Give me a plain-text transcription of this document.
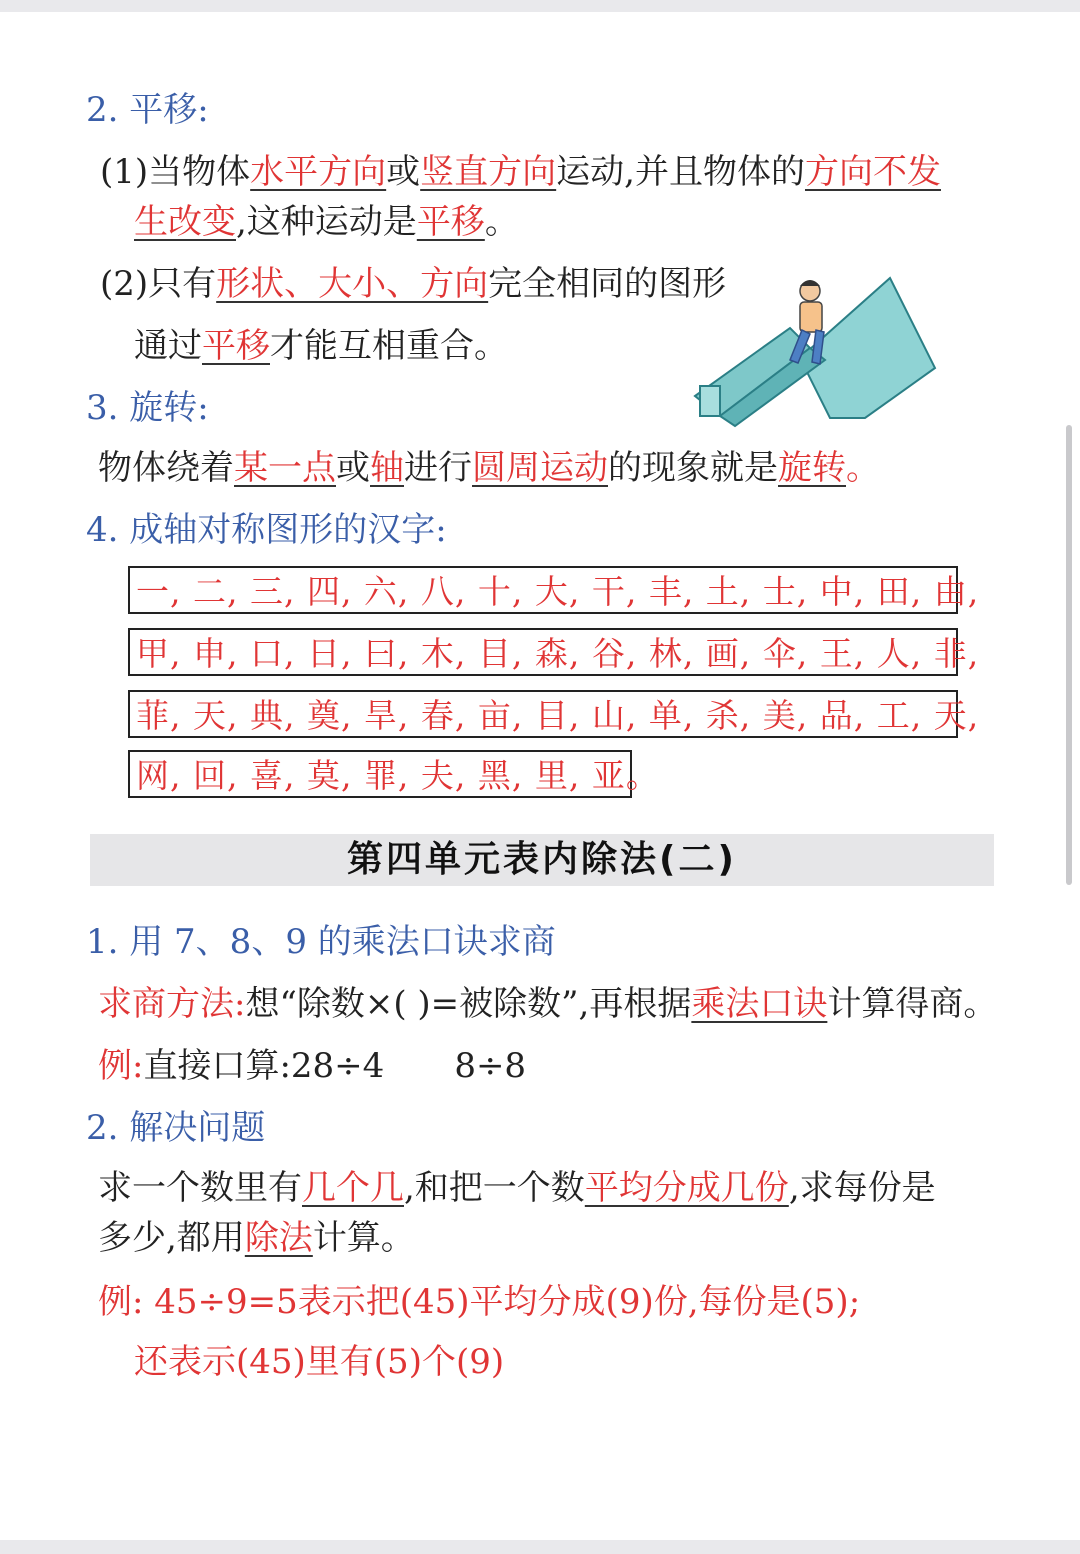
2. 平移:
(1)当物体水平方向或竖直方向运动,并且物体的方向不发
生改变,这种运动是平移。
(2)只有形状、大小、方向完全相同的图形
通过平移才能互相重合。
3. 旋转:
物体绕着某一点或轴进行圆周运动的现象就是旋转。
4. 成轴对称图形的汉字:
一, 二, 三, 四, 六, 八, 十, 大, 干, 丰, 土, 士, 中, 田, 由,
甲, 申, 口, 日, 曰, 木, 目, 森, 谷, 林, 画, 伞, 王, 人, 非,
菲, 天, 典, 奠, 旱, 春, 亩, 目, 山, 单, 杀, 美, 品, 工, 天,
网, 回, 喜, 莫, 罪, 夫, 黑, 里, 亚。
第四单元表内除法(二)
1. 用 7、8、9 的乘法口诀求商
求商方法:想“除数×( )=被除数”,再根据乘法口诀计算得商。
例:直接口算:28÷4 8÷8
2. 解决问题
求一个数里有几个几,和把一个数平均分成几份,求每份是
多少,都用除法计算。
例: 45÷9=5表示把(45)平均分成(9)份,每份是(5);
还表示(45)里有(5)个(9)
